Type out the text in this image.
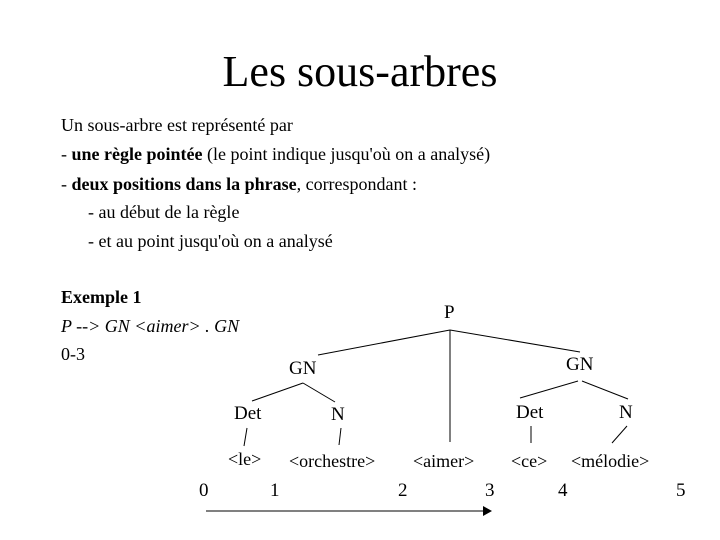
Les sous-arbres
Un sous-arbre est représenté par
- une règle pointée (le point indique jusqu'où on a analysé)
- deux positions dans la phrase, correspondant :
- au début de la règle
- et au point jusqu'où on a analysé
Exemple 1
P --> GN <aimer> . GN
0-3
P
GN	GN
Det	N	Det	N
<le> <orchestre> <aimer> <ce> <mélodie>
0	1	2	3	4	5
